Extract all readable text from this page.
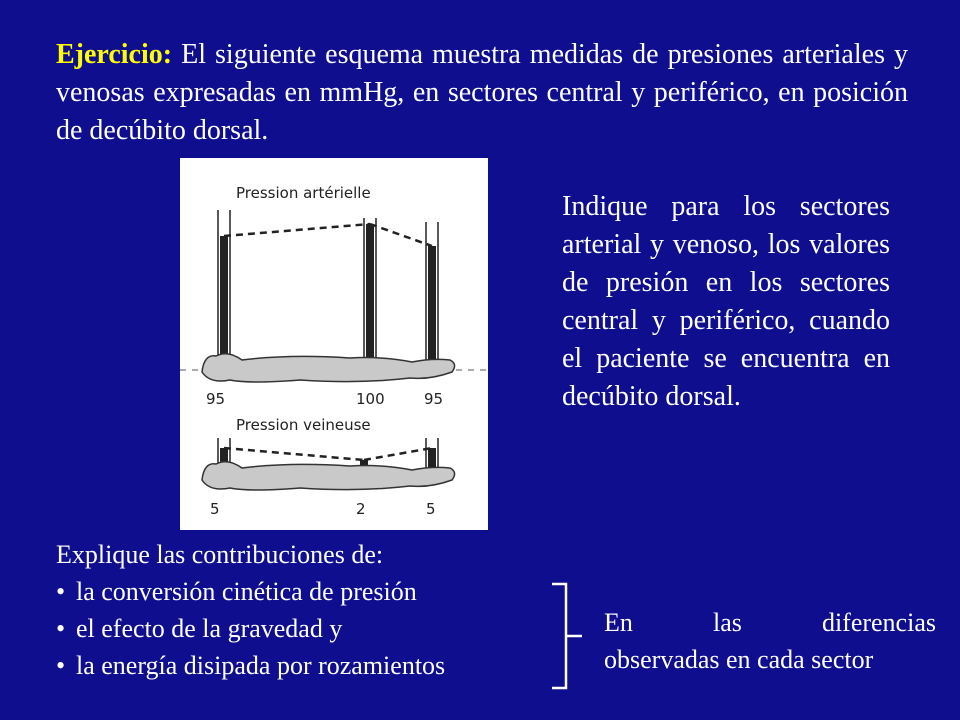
Ejercicio: El siguiente esquema muestra medidas de presiones arteriales y venosas expresadas en mmHg, en sectores central y periférico, en posición de decúbito dorsal.
Pression artérielle
95	100	95
Pression veineuse
5	2	5
Indique para los sectores arterial y venoso, los valores de presión en los sectores central y periférico, cuando el paciente se encuentra en decúbito dorsal.
Explique las contribuciones de:
• la conversión cinética de presión
• el efecto de la gravedad y
• la energía disipada por rozamientos
En	las	diferencias
observadas en cada sector
